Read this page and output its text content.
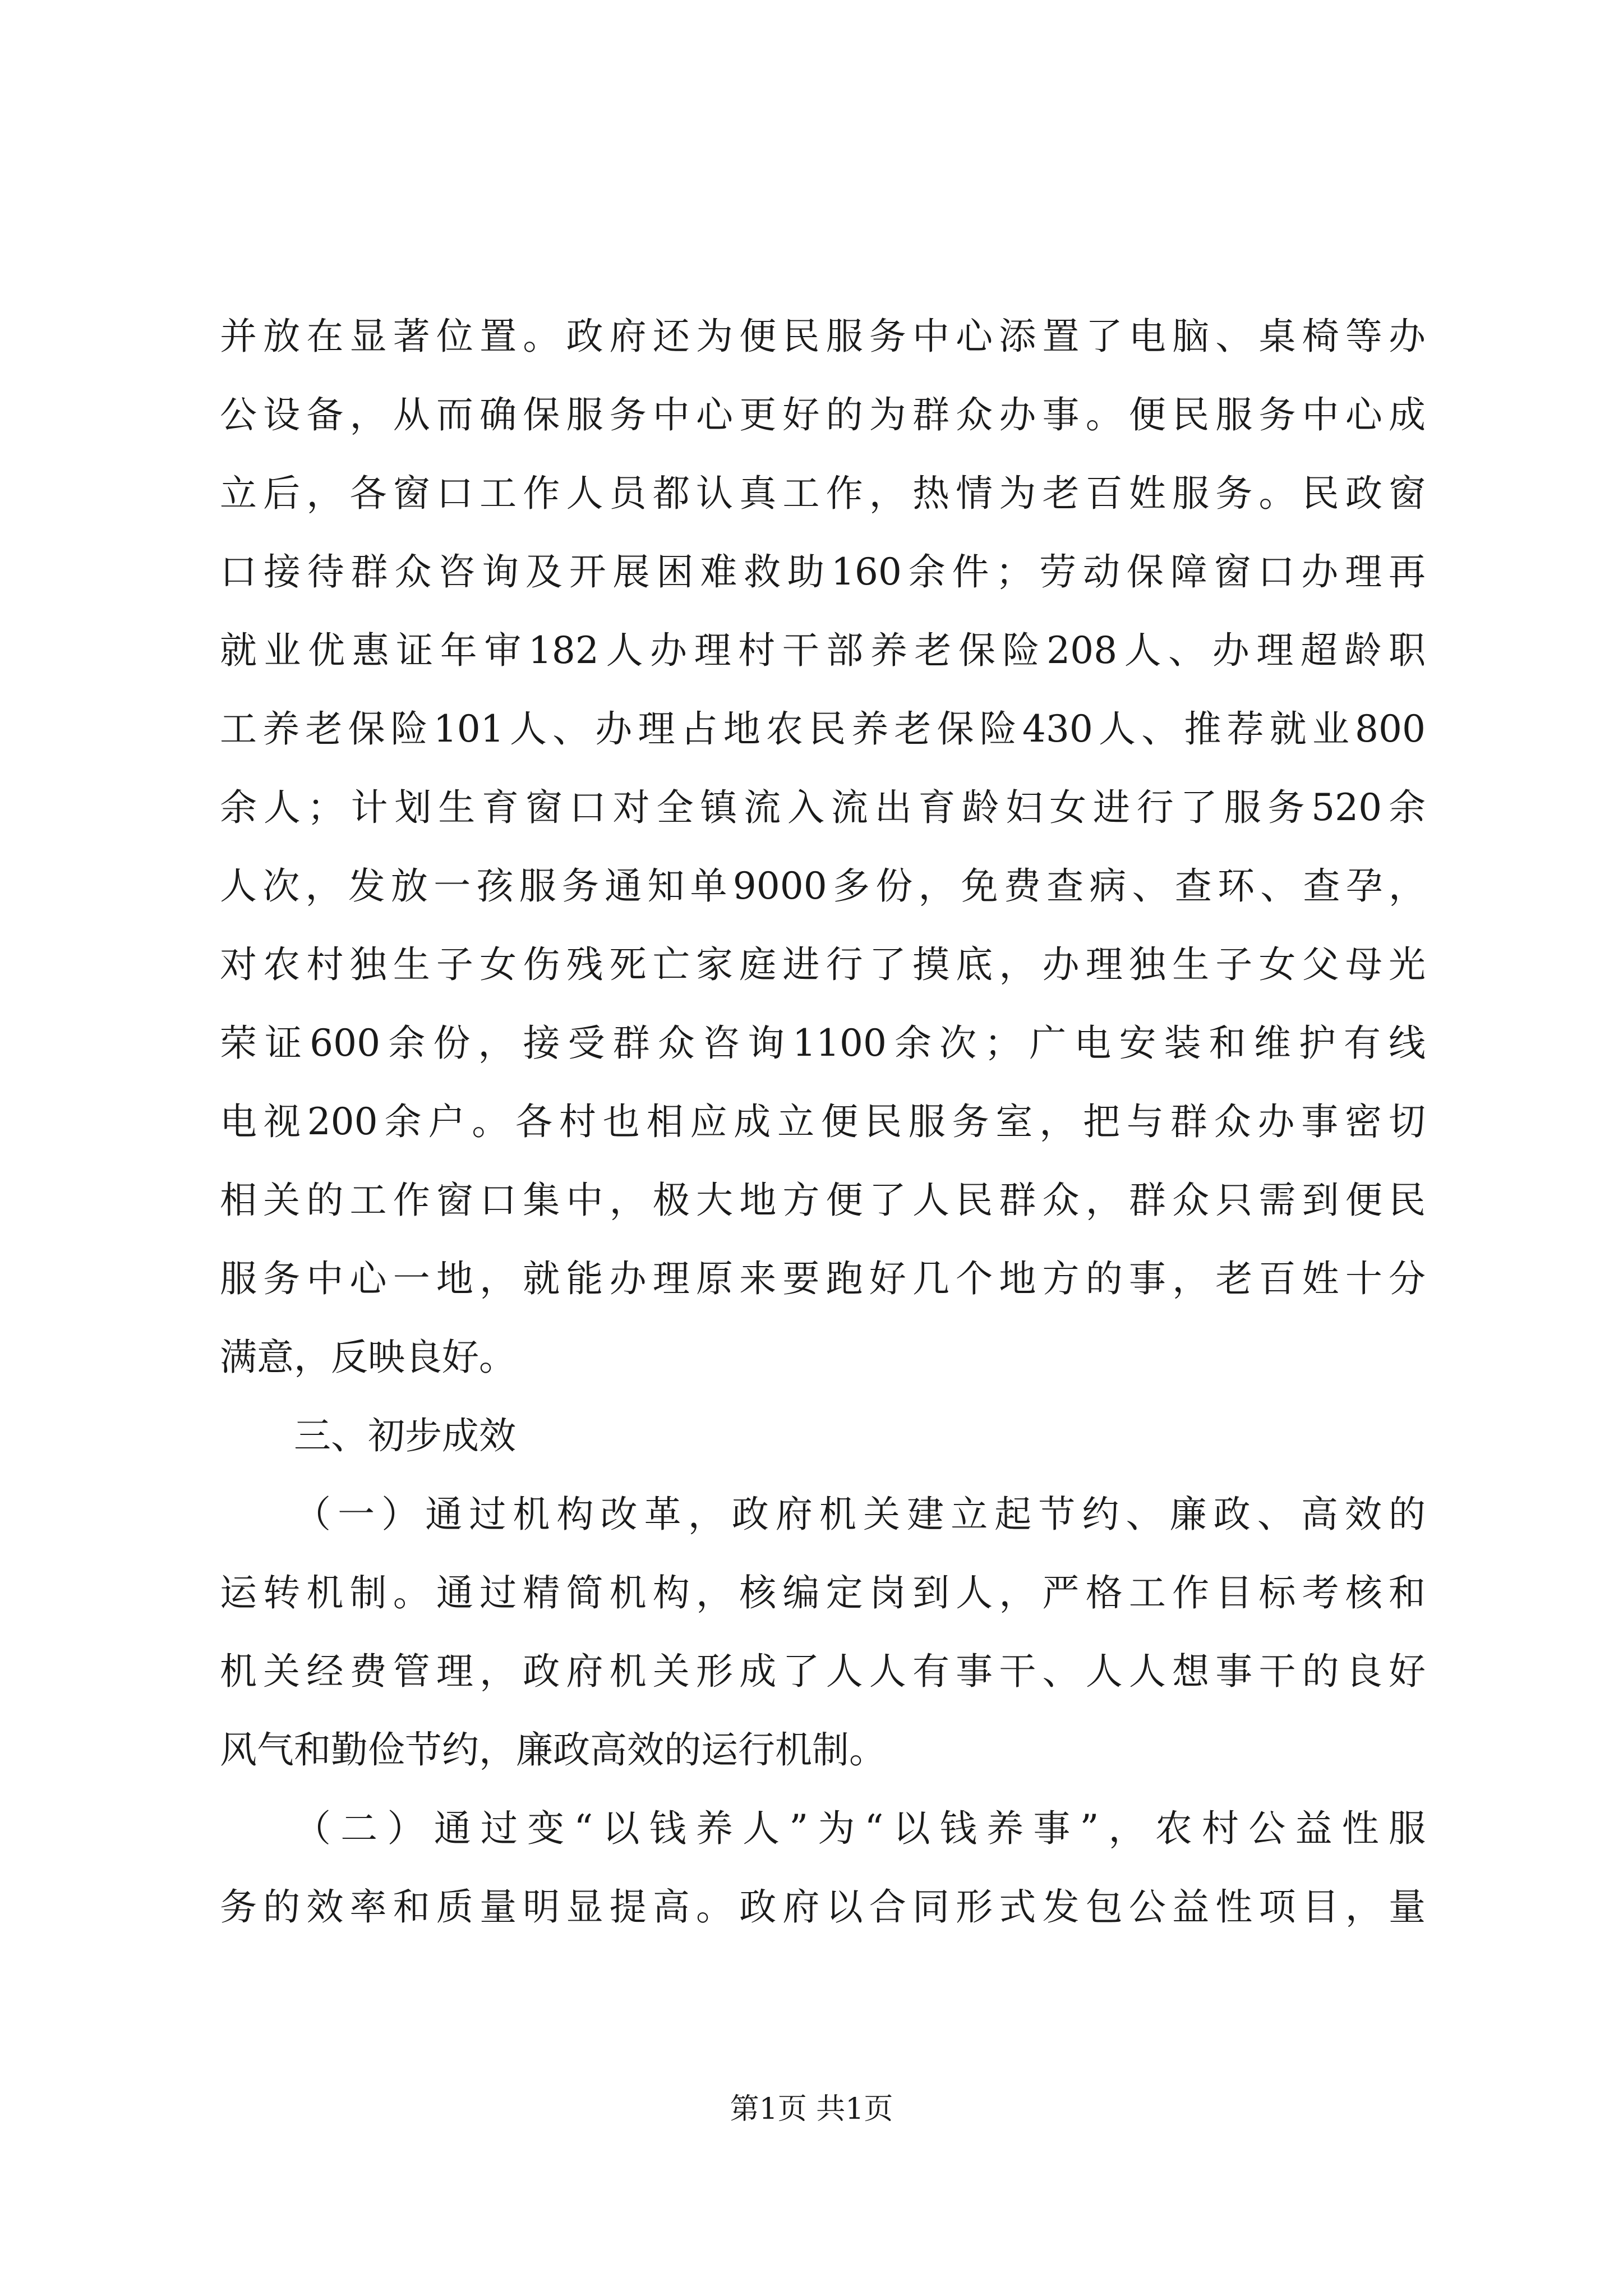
并放在显著位置。政府还为便民服务中心添置了电脑、桌椅等办
公设备，从而确保服务中心更好的为群众办事。便民服务中心成
立后，各窗口工作人员都认真工作，热情为老百姓服务。民政窗
口接待群众咨询及开展困难救助160余件；劳动保障窗口办理再
就业优惠证年审182人办理村干部养老保险208人、办理超龄职
工养老保险101人、办理占地农民养老保险430人、推荐就业800
余人；计划生育窗口对全镇流入流出育龄妇女进行了服务520余
人次，发放一孩服务通知单9000多份，免费查病、查环、查孕，
对农村独生子女伤残死亡家庭进行了摸底，办理独生子女父母光
荣证600余份，接受群众咨询1100余次；广电安装和维护有线
电视200余户。各村也相应成立便民服务室，把与群众办事密切
相关的工作窗口集中，极大地方便了人民群众，群众只需到便民
服务中心一地，就能办理原来要跑好几个地方的事，老百姓十分
满意，反映良好。
三、初步成效
（一）通过机构改革，政府机关建立起节约、廉政、高效的
运转机制。通过精简机构，核编定岗到人，严格工作目标考核和
机关经费管理，政府机关形成了人人有事干、人人想事干的良好
风气和勤俭节约，廉政高效的运行机制。
（二）通过变“以钱养人”为“以钱养事”，农村公益性服
务的效率和质量明显提高。政府以合同形式发包公益性项目，量
第1页 共1页
